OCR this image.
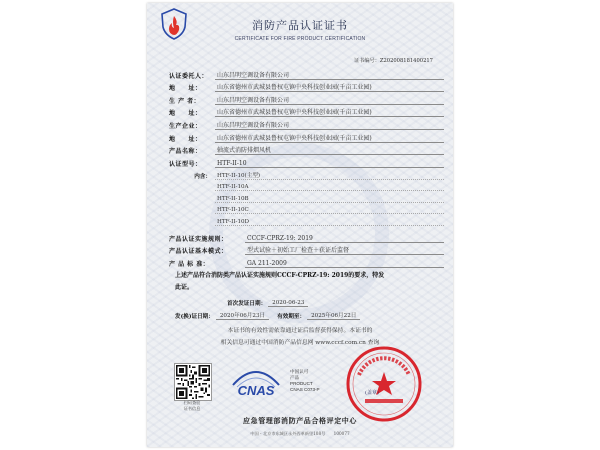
消防产品认证证书
CERTIFICATE FOR FIRE PRODUCT CERTIFICATION
证书编号：Z202008181400217
认证委托人：	山东昌明空调设备有限公司
地　　址：	山东省德州市武城县鲁权屯镇中央科技创业园(千亩工业园)
生 产 者：	山东昌明空调设备有限公司
地　　址：	山东省德州市武城县鲁权屯镇中央科技创业园(千亩工业园)
生产企业：	山东昌明空调设备有限公司
地　　址：	山东省德州市武城县鲁权屯镇中央科技创业园(千亩工业园)
产品名称：	轴流式消防排烟风机
认证型号：	HTF-II-10
内含：	HTF-II-10(主型)
HTF-II-10A
HTF-II-10B
HTF-II-10C
HTF-II-10D
产品认证实施规则：	CCCF-CPRZ-19: 2019
产品认证基本模式：	型式试验＋初始工厂检查＋获证后监督
产 品 标 准：	GA 211-2009
上述产品符合消防类产品认证实施规则CCCF-CPRZ-19: 2019的要求，特发
此证。
首次发证日期：	2020-06-23
发(换)证日期：	2020年06月23日	有效期至：	2025年06月22日
本证书的有效性需依靠通过证后监督获得保持。本证书的
相关信息可通过中国消防产品信息网 www.cccf.com.cn 查询
扫码查验
证书信息
CNAS
中国认可
产品
PRODUCT
CNAS C073-P
(盖章)
应急管理部消防产品合格评定中心
中国・北京市东城区永外西革新里108号　　100077
